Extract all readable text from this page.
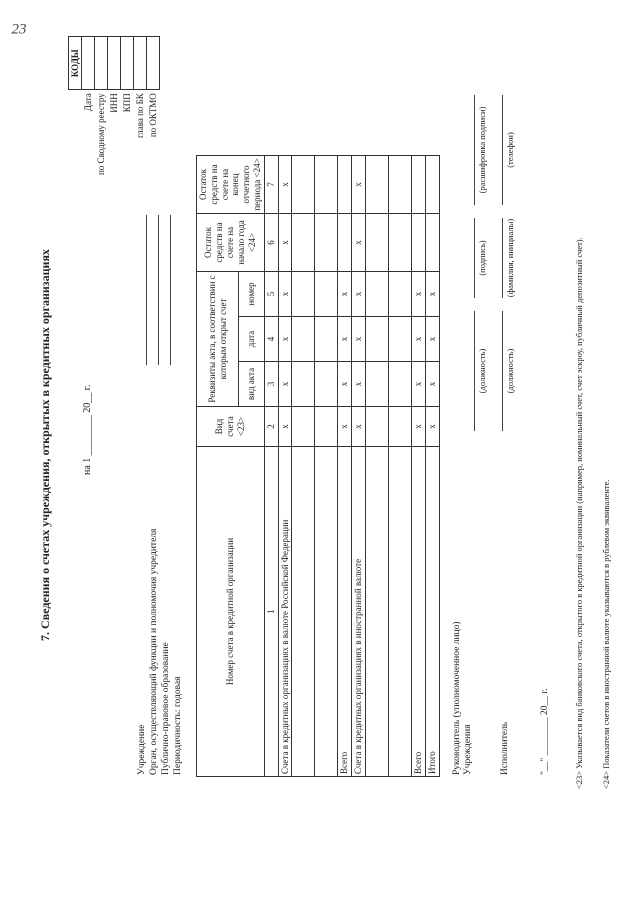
23
7. Сведения о счетах учреждения, открытых в кредитных организациях	на 1 ________ 20__ г.
Учреждение Орган, осуществляющий функции и полномочия учредителя Публично-правовое образование Периодичность: годовая
	КОДЫ
Дата	
по Сводному реестру	
ИНН	
КПП	
глава по БК	
по ОКТМО	
Номер счета в кредитной организации	Вид счета <23>	Реквизиты акта, в соответствии с которым открыт счет			Остаток средств на счете на начало года <24>	Остаток средств на счете на конец отчетного периода <24>
		вид акта	дата	номер		
1	2	3	4	5	6	7
Счета в кредитных организациях в валюте Российской Федерации	x	x	x	x	x	x

Всего	x	x	x	x		
Счета в кредитных организациях в иностранной валюте	x	x	x	x	x	x

Всего	x	x	x	x		
Итого	x	x	x	x		
Руководитель (уполномоченное лицо) Учреждения
(должность)
(подпись)
(расшифровка подписи)
Исполнитель
(должность)
(фамилия, инициалы)
(телефон)
"__" ________ 20__ г.	<23> Указывается вид банковского счета, открытого в кредитной организации (например, номинальный счет, счет эскроу, публичный депозитный счет). <24> Показатели счетов в иностранной валюте указываются в рублевом эквиваленте.
